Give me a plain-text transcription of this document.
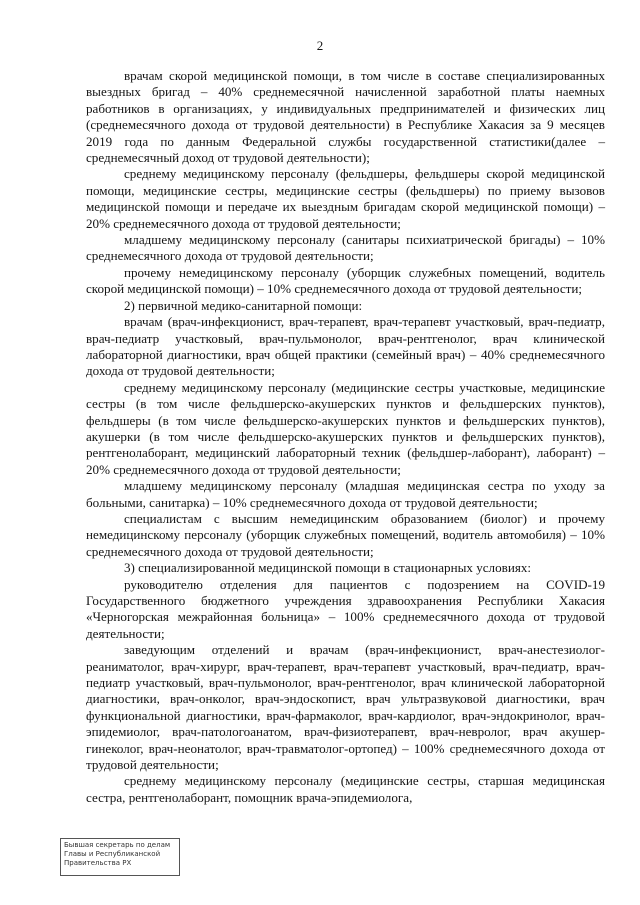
2

врачам скорой медицинской помощи, в том числе в составе специализированных выездных бригад – 40% среднемесячной начисленной заработной платы наемных работников в организациях, у индивидуальных предпринимателей и физических лиц (среднемесячного дохода от трудовой деятельности) в Республике Хакасия за 9 месяцев 2019 года по данным Федеральной службы государственной статистики(далее – среднемесячный доход от трудовой деятельности);

среднему медицинскому персоналу (фельдшеры, фельдшеры скорой медицинской помощи, медицинские сестры, медицинские сестры (фельдшеры) по приему вызовов медицинской помощи и передаче их выездным бригадам скорой медицинской помощи) – 20% среднемесячного дохода от трудовой деятельности;

младшему медицинскому персоналу (санитары психиатрической бригады) – 10% среднемесячного дохода от трудовой деятельности;

прочему немедицинскому персоналу (уборщик служебных помещений, водитель скорой медицинской помощи) – 10% среднемесячного дохода от трудовой деятельности;

2) первичной медико-санитарной помощи:

врачам (врач-инфекционист, врач-терапевт, врач-терапевт участковый, врач-педиатр, врач-педиатр участковый, врач-пульмонолог, врач-рентгенолог, врач клинической лабораторной диагностики, врач общей практики (семейный врач) – 40% среднемесячного дохода от трудовой деятельности;

среднему медицинскому персоналу (медицинские сестры участковые, медицинские сестры (в том числе фельдшерско-акушерских пунктов и фельдшерских пунктов), фельдшеры (в том числе фельдшерско-акушерских пунктов и фельдшерских пунктов), акушерки (в том числе фельдшерско-акушерских пунктов и фельдшерских пунктов), рентгенолаборант, медицинский лабораторный техник (фельдшер-лаборант), лаборант) – 20% среднемесячного дохода от трудовой деятельности;

младшему медицинскому персоналу (младшая медицинская сестра по уходу за больными, санитарка) – 10% среднемесячного дохода от трудовой деятельности;

специалистам с высшим немедицинским образованием (биолог) и прочему немедицинскому персоналу (уборщик служебных помещений, водитель автомобиля) – 10% среднемесячного дохода от трудовой деятельности;

3) специализированной медицинской помощи в стационарных условиях:

руководителю отделения для пациентов с подозрением на COVID-19 Государственного бюджетного учреждения здравоохранения Республики Хакасия «Черногорская межрайонная больница» – 100% среднемесячного дохода от трудовой деятельности;

заведующим отделений и врачам (врач-инфекционист, врач-анестезиолог-реаниматолог, врач-хирург, врач-терапевт, врач-терапевт участковый, врач-педиатр, врач-педиатр участковый, врач-пульмонолог, врач-рентгенолог, врач клинической лабораторной диагностики, врач-онколог, врач-эндоскопист, врач ультразвуковой диагностики, врач функциональной диагностики, врач-фармаколог, врач-кардиолог, врач-эндокринолог, врач-эпидемиолог, врач-патологоанатом, врач-физиотерапевт, врач-невролог, врач акушер-гинеколог, врач-неонатолог, врач-травматолог-ортопед) – 100% среднемесячного дохода от трудовой деятельности;

среднему медицинскому персоналу (медицинские сестры, старшая медицинская сестра, рентгенолаборант, помощник врача-эпидемиолога,

Бывшая секретарь по делам
Главы и Республиканской
Правительства РХ
